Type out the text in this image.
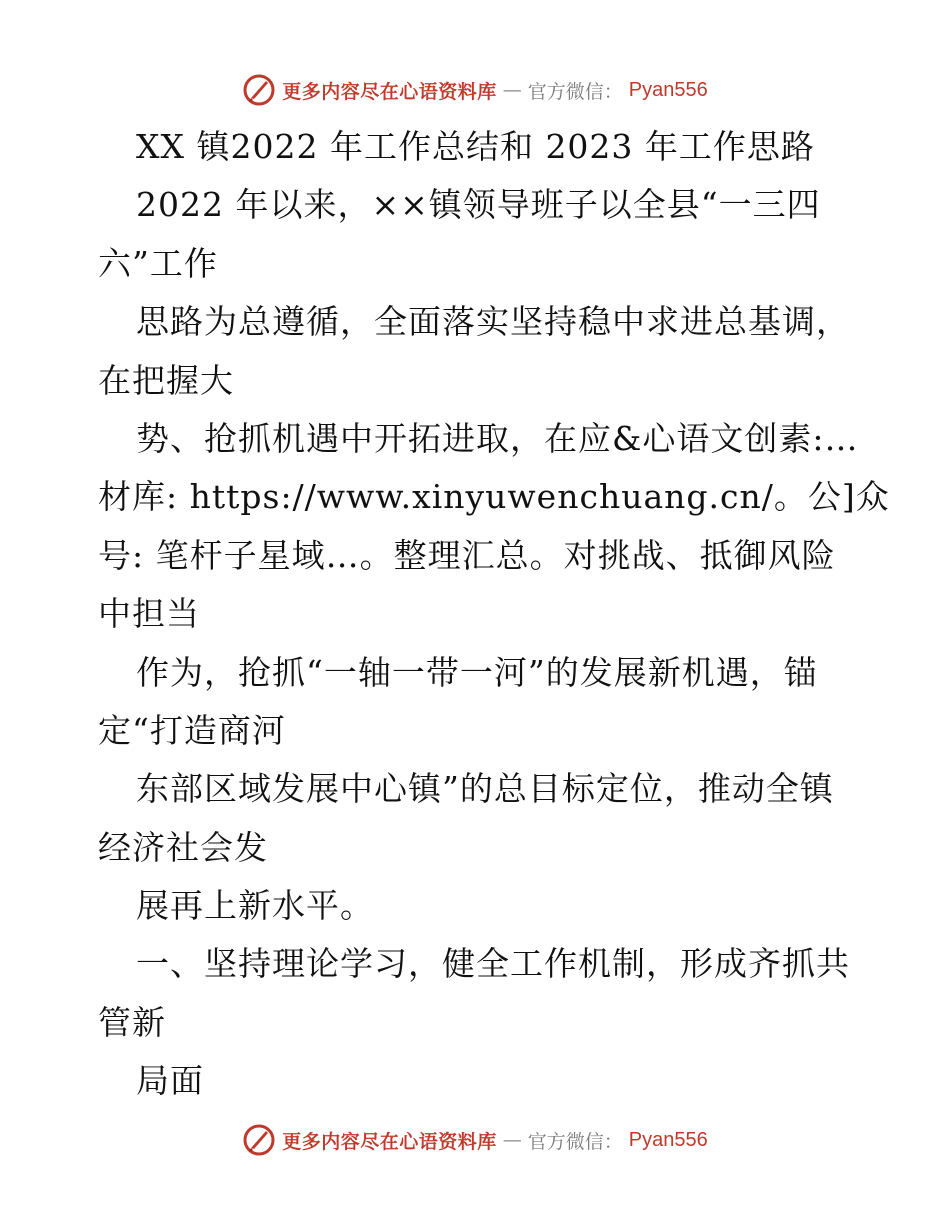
更多内容尽在心语资料库 — 官方微信： Pyan556
XX 镇2022 年工作总结和 2023 年工作思路
2022 年以来，××镇领导班子以全县“一三四
六”工作
思路为总遵循，全面落实坚持稳中求进总基调，
在把握大
势、抢抓机遇中开拓进取，在应&心语文创素:…
材库: https://www.xinyuwenchuang.cn/。公]众
号: 笔杆子星域…。整理汇总。对挑战、抵御风险
中担当
作为，抢抓“一轴一带一河”的发展新机遇，锚
定“打造商河
东部区域发展中心镇”的总目标定位，推动全镇
经济社会发
展再上新水平。
一、坚持理论学习，健全工作机制，形成齐抓共
管新
局面
更多内容尽在心语资料库 — 官方微信： Pyan556
